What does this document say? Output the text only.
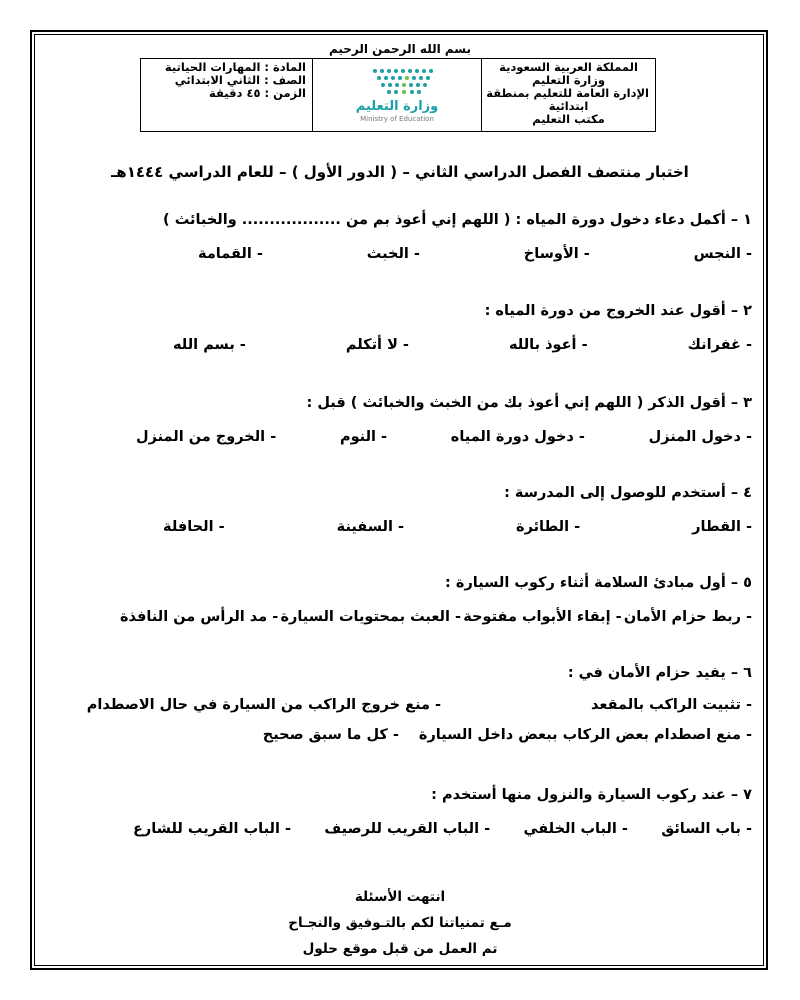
بسم الله الرحمن الرحيم
المملكة العربية السعودية
وزارة التعليم
الإدارة العامة للتعليم بمنطقة
ابتدائية
مكتب التعليم
وزارة التعليم
Ministry of Education
المادة : المهارات الحياتية
الصف : الثاني الابتدائي
الزمن : ٤٥ دقيقة
اختبار منتصف الفصل الدراسي الثاني – ( الدور الأول ) – للعام الدراسي ١٤٤٤هـ
١ – أكمل دعاء دخول دورة المياه : ( اللهم إني أعوذ بم من .................. والخبائث )
- النجس
- الأوساخ
- الخبث
- القمامة
٢ – أقول عند الخروج من دورة المياه :
- غفرانك
- أعوذ بالله
- لا أتكلم
- بسم الله
٣ – أقول الذكر ( اللهم إني أعوذ بك من الخبث والخبائث ) قبل :
- دخول المنزل
- دخول دورة المياه
- النوم
- الخروج من المنزل
٤ – أستخدم للوصول إلى المدرسة :
- القطار
- الطائرة
- السفينة
- الحافلة
٥ – أول مبادئ السلامة أثناء ركوب السيارة :
- ربط حزام الأمان
- إبقاء الأبواب مفتوحة
- العبث بمحتويات السيارة
- مد الرأس من النافذة
٦ – يفيد حزام الأمان في :
- تثبيت الراكب بالمقعد
- منع خروج الراكب من السيارة في حال الاصطدام
- منع اصطدام بعض الركاب ببعض داخل السيارة
- كل ما سبق صحيح
٧ – عند ركوب السيارة والنزول منها أستخدم :
- باب السائق
- الباب الخلفي
- الباب القريب للرصيف
- الباب القريب للشارع
انتهت الأسئلة
مـع تمنياتنا لكم بالتـوفيق والنجـاح
تم العمل من قبل موقع حلول
